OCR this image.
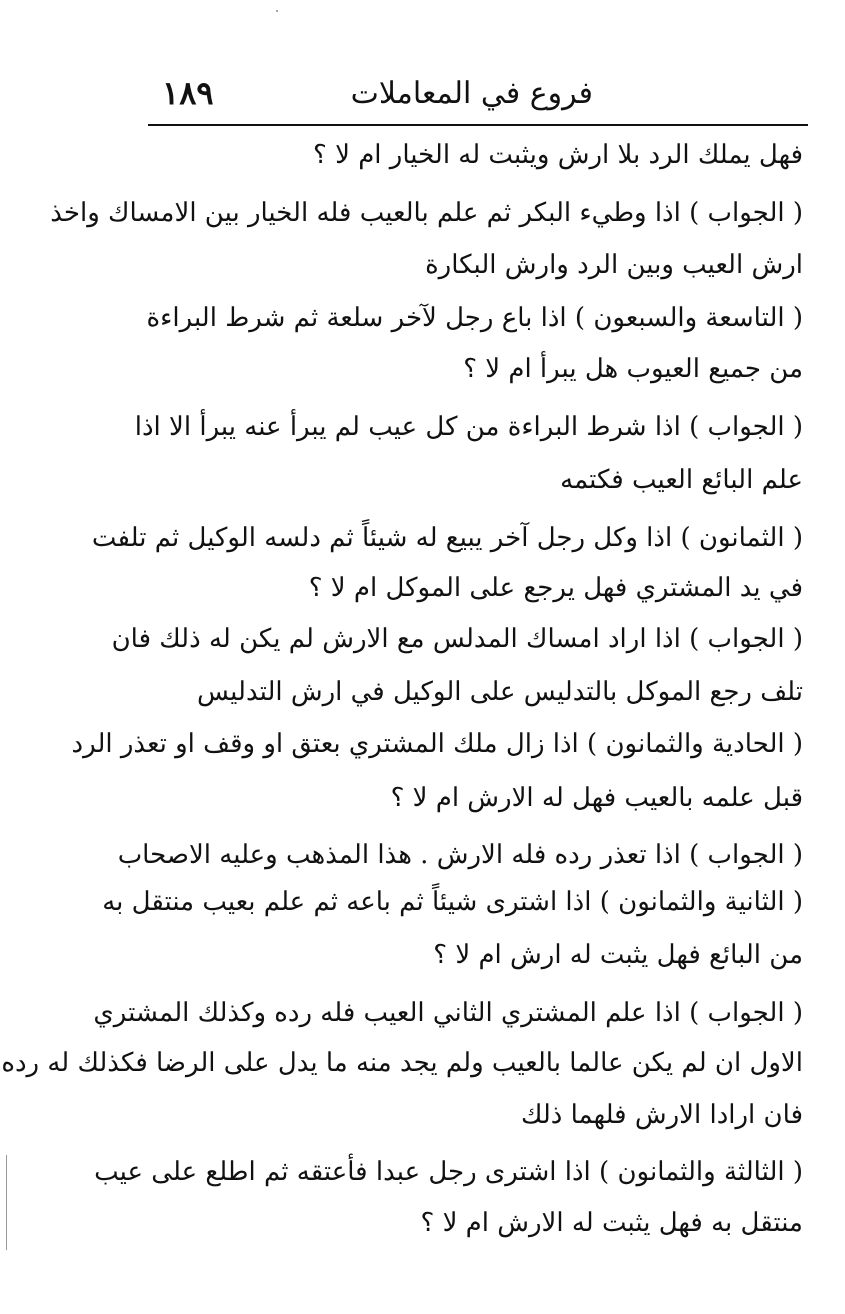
فروع في المعاملات
١٨٩
فهل يملك الرد بلا ارش ويثبت له الخيار ام لا ؟
( الجواب ) اذا وطيء البكر ثم علم بالعيب فله الخيار بين الامساك واخذ
ارش العيب وبين الرد وارش البكارة
( التاسعة والسبعون ) اذا باع رجل لآخر سلعة ثم شرط البراءة
من جميع العيوب هل يبرأ ام لا ؟
( الجواب ) اذا شرط البراءة من كل عيب لم يبرأ عنه يبرأ الا اذا
علم البائع العيب فكتمه
( الثمانون ) اذا وكل رجل آخر يبيع له شيئاً ثم دلسه الوكيل ثم تلفت
في يد المشتري فهل يرجع على الموكل ام لا ؟
( الجواب ) اذا اراد امساك المدلس مع الارش لم يكن له ذلك فان
تلف رجع الموكل بالتدليس على الوكيل في ارش التدليس
( الحادية والثمانون ) اذا زال ملك المشتري بعتق او وقف او تعذر الرد
قبل علمه بالعيب فهل له الارش ام لا ؟
( الجواب ) اذا تعذر رده فله الارش . هذا المذهب وعليه الاصحاب
( الثانية والثمانون ) اذا اشترى شيئاً ثم باعه ثم علم بعيب منتقل به
من البائع فهل يثبت له ارش ام لا ؟
( الجواب ) اذا علم المشتري الثاني العيب فله رده وكذلك المشتري
الاول ان لم يكن عالما بالعيب ولم يجد منه ما يدل على الرضا فكذلك له رده
فان ارادا الارش فلهما ذلك
( الثالثة والثمانون ) اذا اشترى رجل عبدا فأعتقه ثم اطلع على عيب
منتقل به فهل يثبت له الارش ام لا ؟
